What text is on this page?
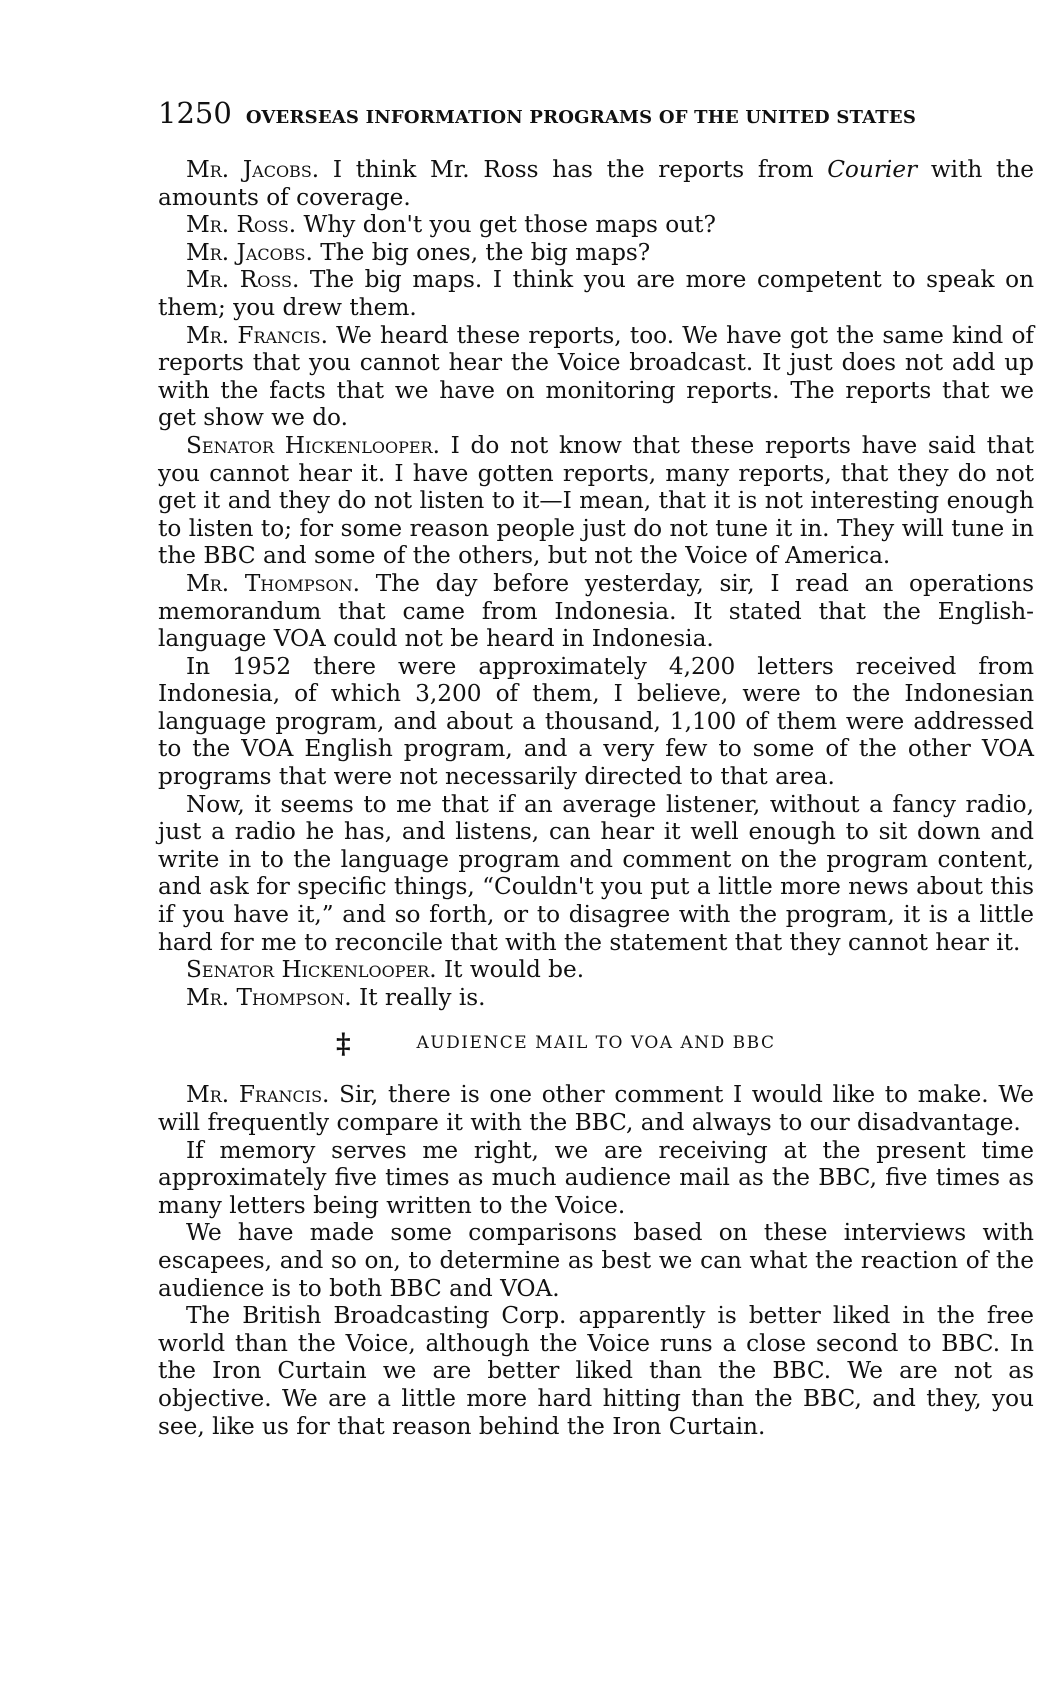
1250 OVERSEAS INFORMATION PROGRAMS OF THE UNITED STATES

Mr. Jacobs. I think Mr. Ross has the reports from Courier with the amounts of coverage.

Mr. Ross. Why don't you get those maps out?

Mr. Jacobs. The big ones, the big maps?

Mr. Ross. The big maps. I think you are more competent to speak on them; you drew them.

Mr. Francis. We heard these reports, too. We have got the same kind of reports that you cannot hear the Voice broadcast. It just does not add up with the facts that we have on monitoring reports. The reports that we get show we do.

Senator Hickenlooper. I do not know that these reports have said that you cannot hear it. I have gotten reports, many reports, that they do not get it and they do not listen to it—I mean, that it is not interesting enough to listen to; for some reason people just do not tune it in. They will tune in the BBC and some of the others, but not the Voice of America.

Mr. Thompson. The day before yesterday, sir, I read an operations memorandum that came from Indonesia. It stated that the English-language VOA could not be heard in Indonesia.

In 1952 there were approximately 4,200 letters received from Indonesia, of which 3,200 of them, I believe, were to the Indonesian language program, and about a thousand, 1,100 of them were addressed to the VOA English program, and a very few to some of the other VOA programs that were not necessarily directed to that area.

Now, it seems to me that if an average listener, without a fancy radio, just a radio he has, and listens, can hear it well enough to sit down and write in to the language program and comment on the program content, and ask for specific things, “Couldn't you put a little more news about this if you have it,” and so forth, or to disagree with the program, it is a little hard for me to reconcile that with the statement that they cannot hear it.

Senator Hickenlooper. It would be.

Mr. Thompson. It really is.

‡	AUDIENCE MAIL TO VOA AND BBC

Mr. Francis. Sir, there is one other comment I would like to make. We will frequently compare it with the BBC, and always to our disadvantage.

If memory serves me right, we are receiving at the present time approximately five times as much audience mail as the BBC, five times as many letters being written to the Voice.

We have made some comparisons based on these interviews with escapees, and so on, to determine as best we can what the reaction of the audience is to both BBC and VOA.

The British Broadcasting Corp. apparently is better liked in the free world than the Voice, although the Voice runs a close second to BBC. In the Iron Curtain we are better liked than the BBC. We are not as objective. We are a little more hard hitting than the BBC, and they, you see, like us for that reason behind the Iron Curtain.
